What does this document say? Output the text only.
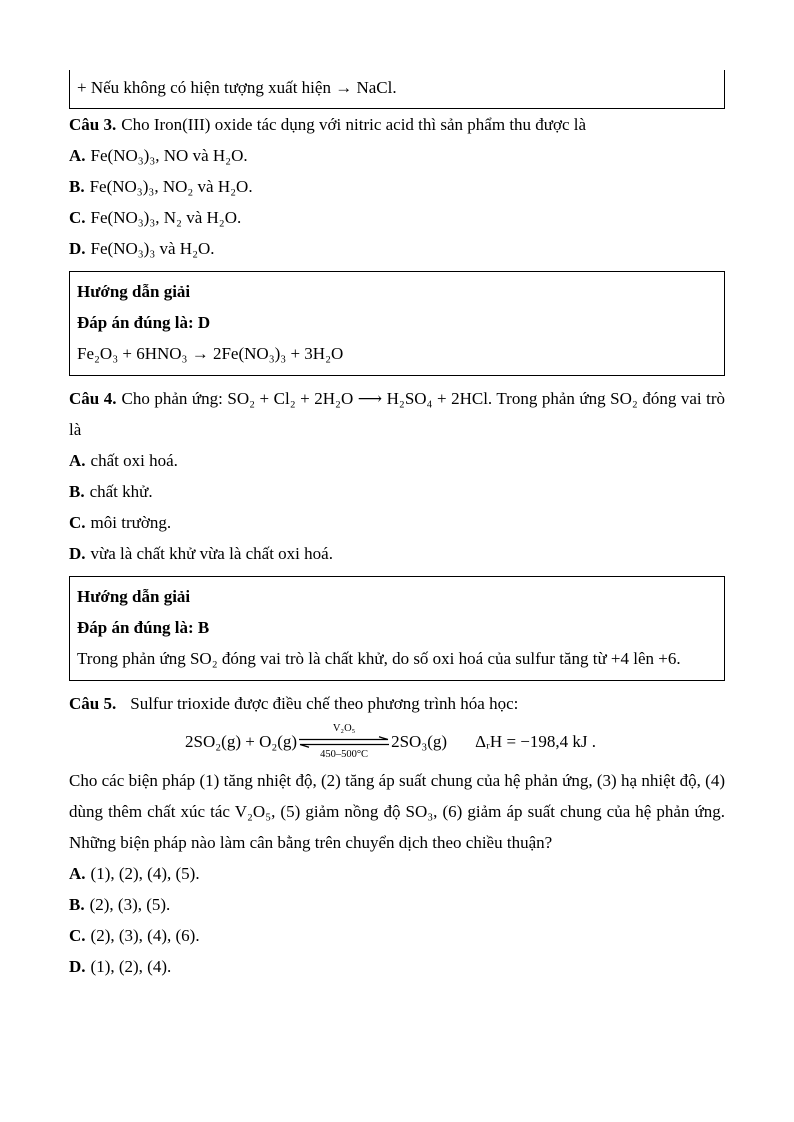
+ Nếu không có hiện tượng xuất hiện → NaCl.

Câu 3. Cho Iron(III) oxide tác dụng với nitric acid thì sản phẩm thu được là

A. Fe(NO₃)₃, NO và H₂O.

B. Fe(NO₃)₃, NO₂ và H₂O.

C. Fe(NO₃)₃, N₂ và H₂O.

D. Fe(NO₃)₃ và H₂O.

Hướng dẫn giải

Đáp án đúng là: D

Fe₂O₃ + 6HNO₃ → 2Fe(NO₃)₃ + 3H₂O

Câu 4. Cho phản ứng: SO₂ + Cl₂ + 2H₂O ⟶ H₂SO₄ + 2HCl. Trong phản ứng SO₂ đóng vai trò là

A. chất oxi hoá.

B. chất khử.

C. môi trường.

D. vừa là chất khử vừa là chất oxi hoá.

Hướng dẫn giải

Đáp án đúng là: B

Trong phản ứng SO₂ đóng vai trò là chất khử, do số oxi hoá của sulfur tăng từ +4 lên +6.

Câu 5. Sulfur trioxide được điều chế theo phương trình hóa học:

2SO₂(g) + O₂(g)
V₂O₅
450–500°C
2SO₃(g) ΔᵣH = −198,4 kJ .

Cho các biện pháp (1) tăng nhiệt độ, (2) tăng áp suất chung của hệ phản ứng, (3) hạ nhiệt độ, (4) dùng thêm chất xúc tác V₂O₅, (5) giảm nồng độ SO₃, (6) giảm áp suất chung của hệ phản ứng. Những biện pháp nào làm cân bằng trên chuyển dịch theo chiều thuận?

A. (1), (2), (4), (5).

B. (2), (3), (5).

C. (2), (3), (4), (6).

D. (1), (2), (4).
